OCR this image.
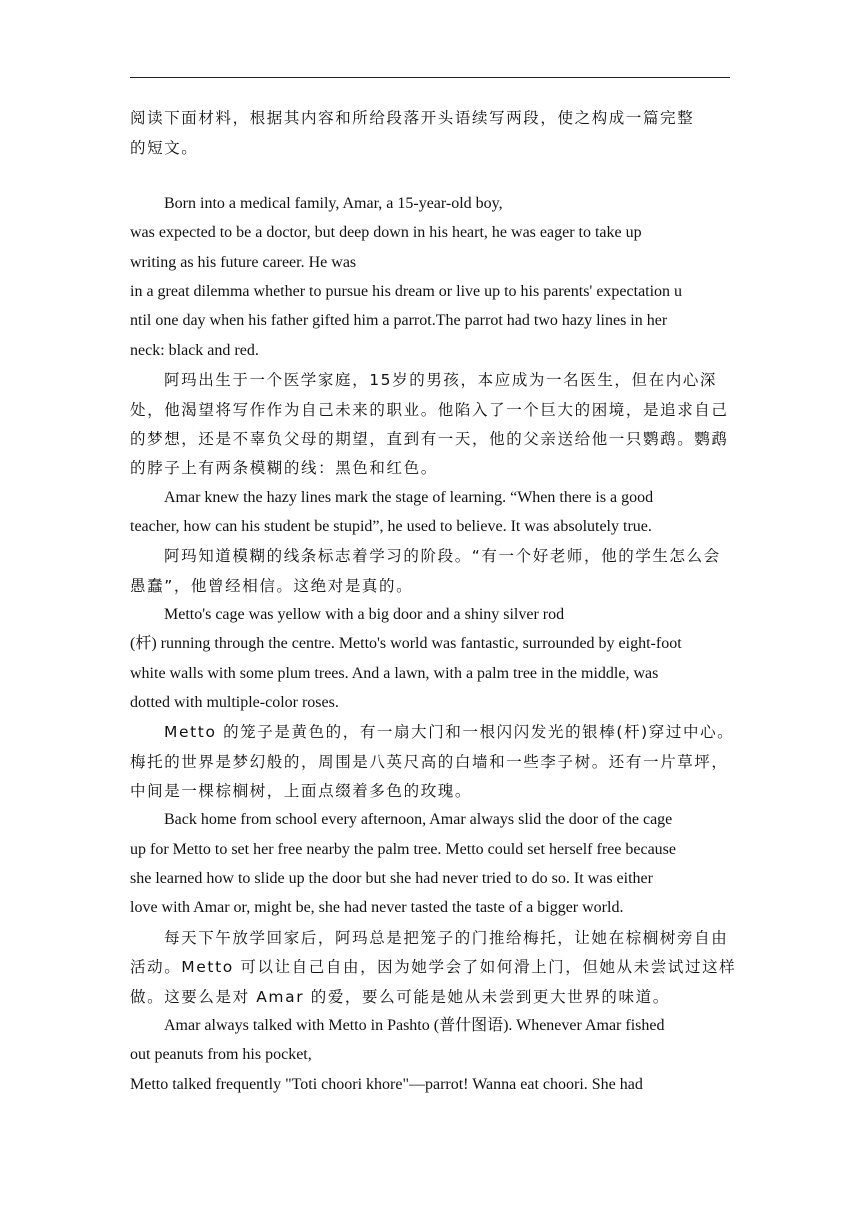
阅读下面材料，根据其内容和所给段落开头语续写两段，使之构成一篇完整
的短文。
Born into a medical family, Amar, a 15-year-old boy,
was expected to be a doctor, but deep down in his heart, he was eager to take up
writing as his future career. He was
in a great dilemma whether to pursue his dream or live up to his parents' expectation u
ntil one day when his father gifted him a parrot.The parrot had two hazy lines in her
neck: black and red.
阿玛出生于一个医学家庭，15岁的男孩，本应成为一名医生，但在内心深
处，他渴望将写作作为自己未来的职业。他陷入了一个巨大的困境，是追求自己
的梦想，还是不辜负父母的期望，直到有一天，他的父亲送给他一只鹦鹉。鹦鹉
的脖子上有两条模糊的线：黑色和红色。
Amar knew the hazy lines mark the stage of learning. “When there is a good
teacher, how can his student be stupid”, he used to believe. It was absolutely true.
阿玛知道模糊的线条标志着学习的阶段。“有一个好老师，他的学生怎么会
愚蠢”，他曾经相信。这绝对是真的。
Metto's cage was yellow with a big door and a shiny silver rod
(杆) running through the centre. Metto's world was fantastic, surrounded by eight-foot
white walls with some plum trees. And a lawn, with a palm tree in the middle, was
dotted with multiple-color roses.
Metto 的笼子是黄色的，有一扇大门和一根闪闪发光的银棒(杆)穿过中心。
梅托的世界是梦幻般的，周围是八英尺高的白墙和一些李子树。还有一片草坪，
中间是一棵棕榈树，上面点缀着多色的玫瑰。
Back home from school every afternoon, Amar always slid the door of the cage
up for Metto to set her free nearby the palm tree. Metto could set herself free because
she learned how to slide up the door but she had never tried to do so. It was either
love with Amar or, might be, she had never tasted the taste of a bigger world.
每天下午放学回家后，阿玛总是把笼子的门推给梅托，让她在棕榈树旁自由
活动。Metto 可以让自己自由，因为她学会了如何滑上门，但她从未尝试过这样
做。这要么是对 Amar 的爱，要么可能是她从未尝到更大世界的味道。
Amar always talked with Metto in Pashto (普什图语). Whenever Amar fished
out peanuts from his pocket,
Metto talked frequently "Toti choori khore"—parrot! Wanna eat choori. She had
